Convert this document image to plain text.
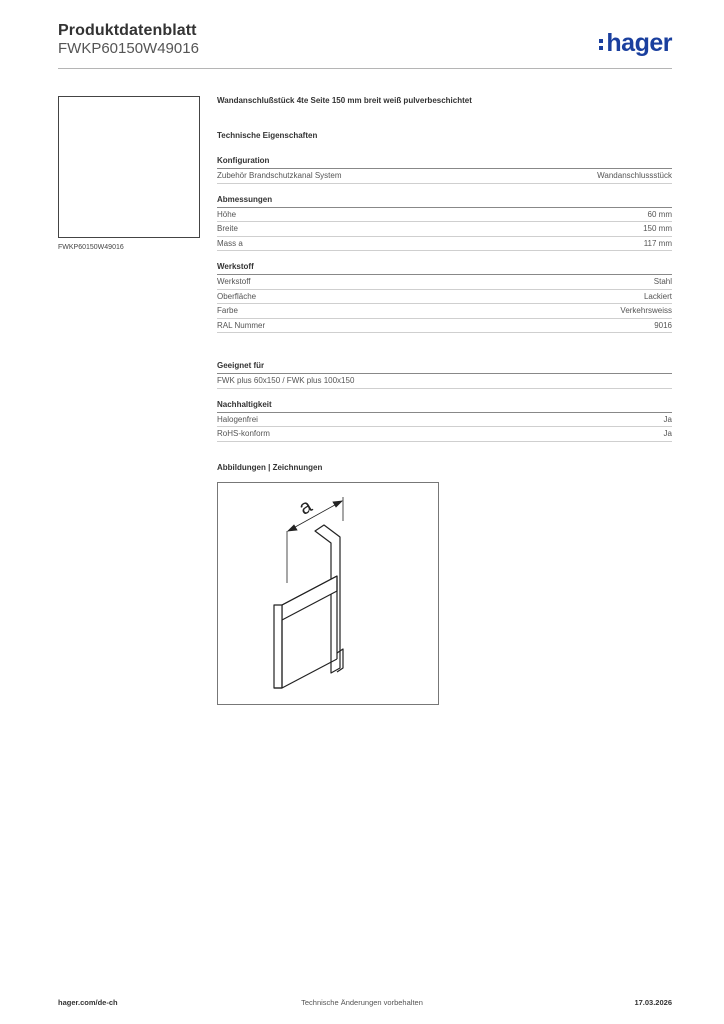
Produktdatenblatt
FWKP60150W49016	hager
FWKP60150W49016
Wandanschlußstück 4te Seite 150 mm breit weiß pulverbeschichtet
Technische Eigenschaften
Konfiguration
Zubehör Brandschutzkanal System	Wandanschlussstück
Abmessungen
Höhe	60 mm
Breite	150 mm
Mass a	117 mm
Werkstoff
Werkstoff	Stahl
Oberfläche	Lackiert
Farbe	Verkehrsweiss
RAL Nummer	9016
Geeignet für
FWK plus 60x150 / FWK plus 100x150
Nachhaltigkeit
Halogenfrei	Ja
RoHS-konform	Ja
Abbildungen | Zeichnungen
a
hager.com/de-ch	Technische Änderungen vorbehalten	17.03.2026
